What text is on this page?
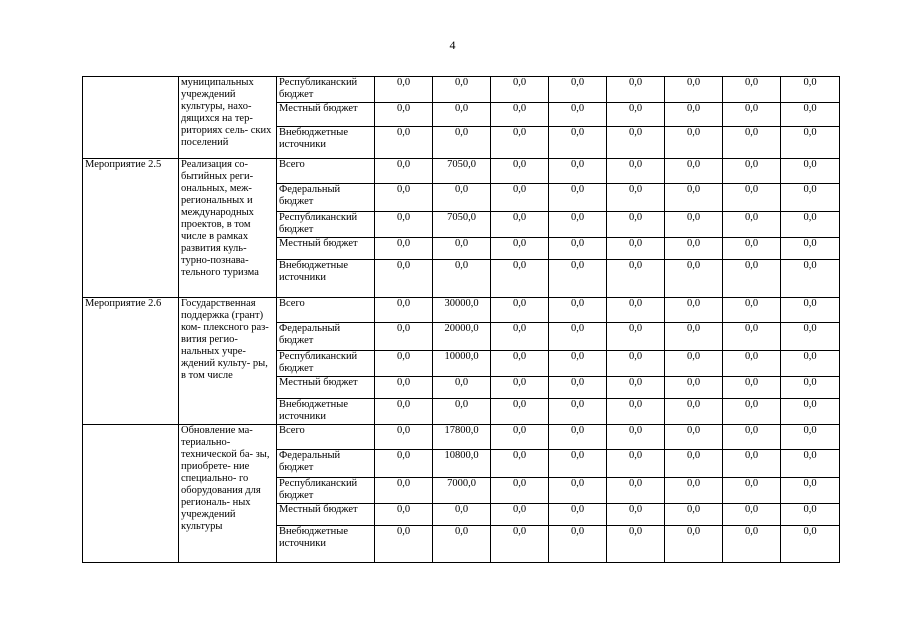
4
	муниципальных учреждений культуры, нахо- дящихся на тер- риториях сель- ских поселений	Республиканский бюджет	0,0	0,0	0,0	0,0	0,0	0,0	0,0	0,0
		Местный бюджет	0,0	0,0	0,0	0,0	0,0	0,0	0,0	0,0
		Внебюджетные источники	0,0	0,0	0,0	0,0	0,0	0,0	0,0	0,0
Мероприятие 2.5	Реализация со- бытийных реги- ональных, меж- региональных и международных проектов, в том числе в рамках развития куль- турно-познава- тельного туризма	Всего	0,0	7050,0	0,0	0,0	0,0	0,0	0,0	0,0
		Федеральный бюджет	0,0	0,0	0,0	0,0	0,0	0,0	0,0	0,0
		Республиканский бюджет	0,0	7050,0	0,0	0,0	0,0	0,0	0,0	0,0
		Местный бюджет	0,0	0,0	0,0	0,0	0,0	0,0	0,0	0,0
		Внебюджетные источники	0,0	0,0	0,0	0,0	0,0	0,0	0,0	0,0
Мероприятие 2.6	Государственная поддержка (грант) ком- плексного раз- вития регио- нальных учре- ждений культу- ры, в том числе	Всего	0,0	30000,0	0,0	0,0	0,0	0,0	0,0	0,0
		Федеральный бюджет	0,0	20000,0	0,0	0,0	0,0	0,0	0,0	0,0
		Республиканский бюджет	0,0	10000,0	0,0	0,0	0,0	0,0	0,0	0,0
		Местный бюджет	0,0	0,0	0,0	0,0	0,0	0,0	0,0	0,0
		Внебюджетные источники	0,0	0,0	0,0	0,0	0,0	0,0	0,0	0,0
	Обновление ма- териально- технической ба- зы, приобрете- ние специально- го оборудования для региональ- ных учреждений культуры	Всего	0,0	17800,0	0,0	0,0	0,0	0,0	0,0	0,0
		Федеральный бюджет	0,0	10800,0	0,0	0,0	0,0	0,0	0,0	0,0
		Республиканский бюджет	0,0	7000,0	0,0	0,0	0,0	0,0	0,0	0,0
		Местный бюджет	0,0	0,0	0,0	0,0	0,0	0,0	0,0	0,0
		Внебюджетные источники	0,0	0,0	0,0	0,0	0,0	0,0	0,0	0,0
